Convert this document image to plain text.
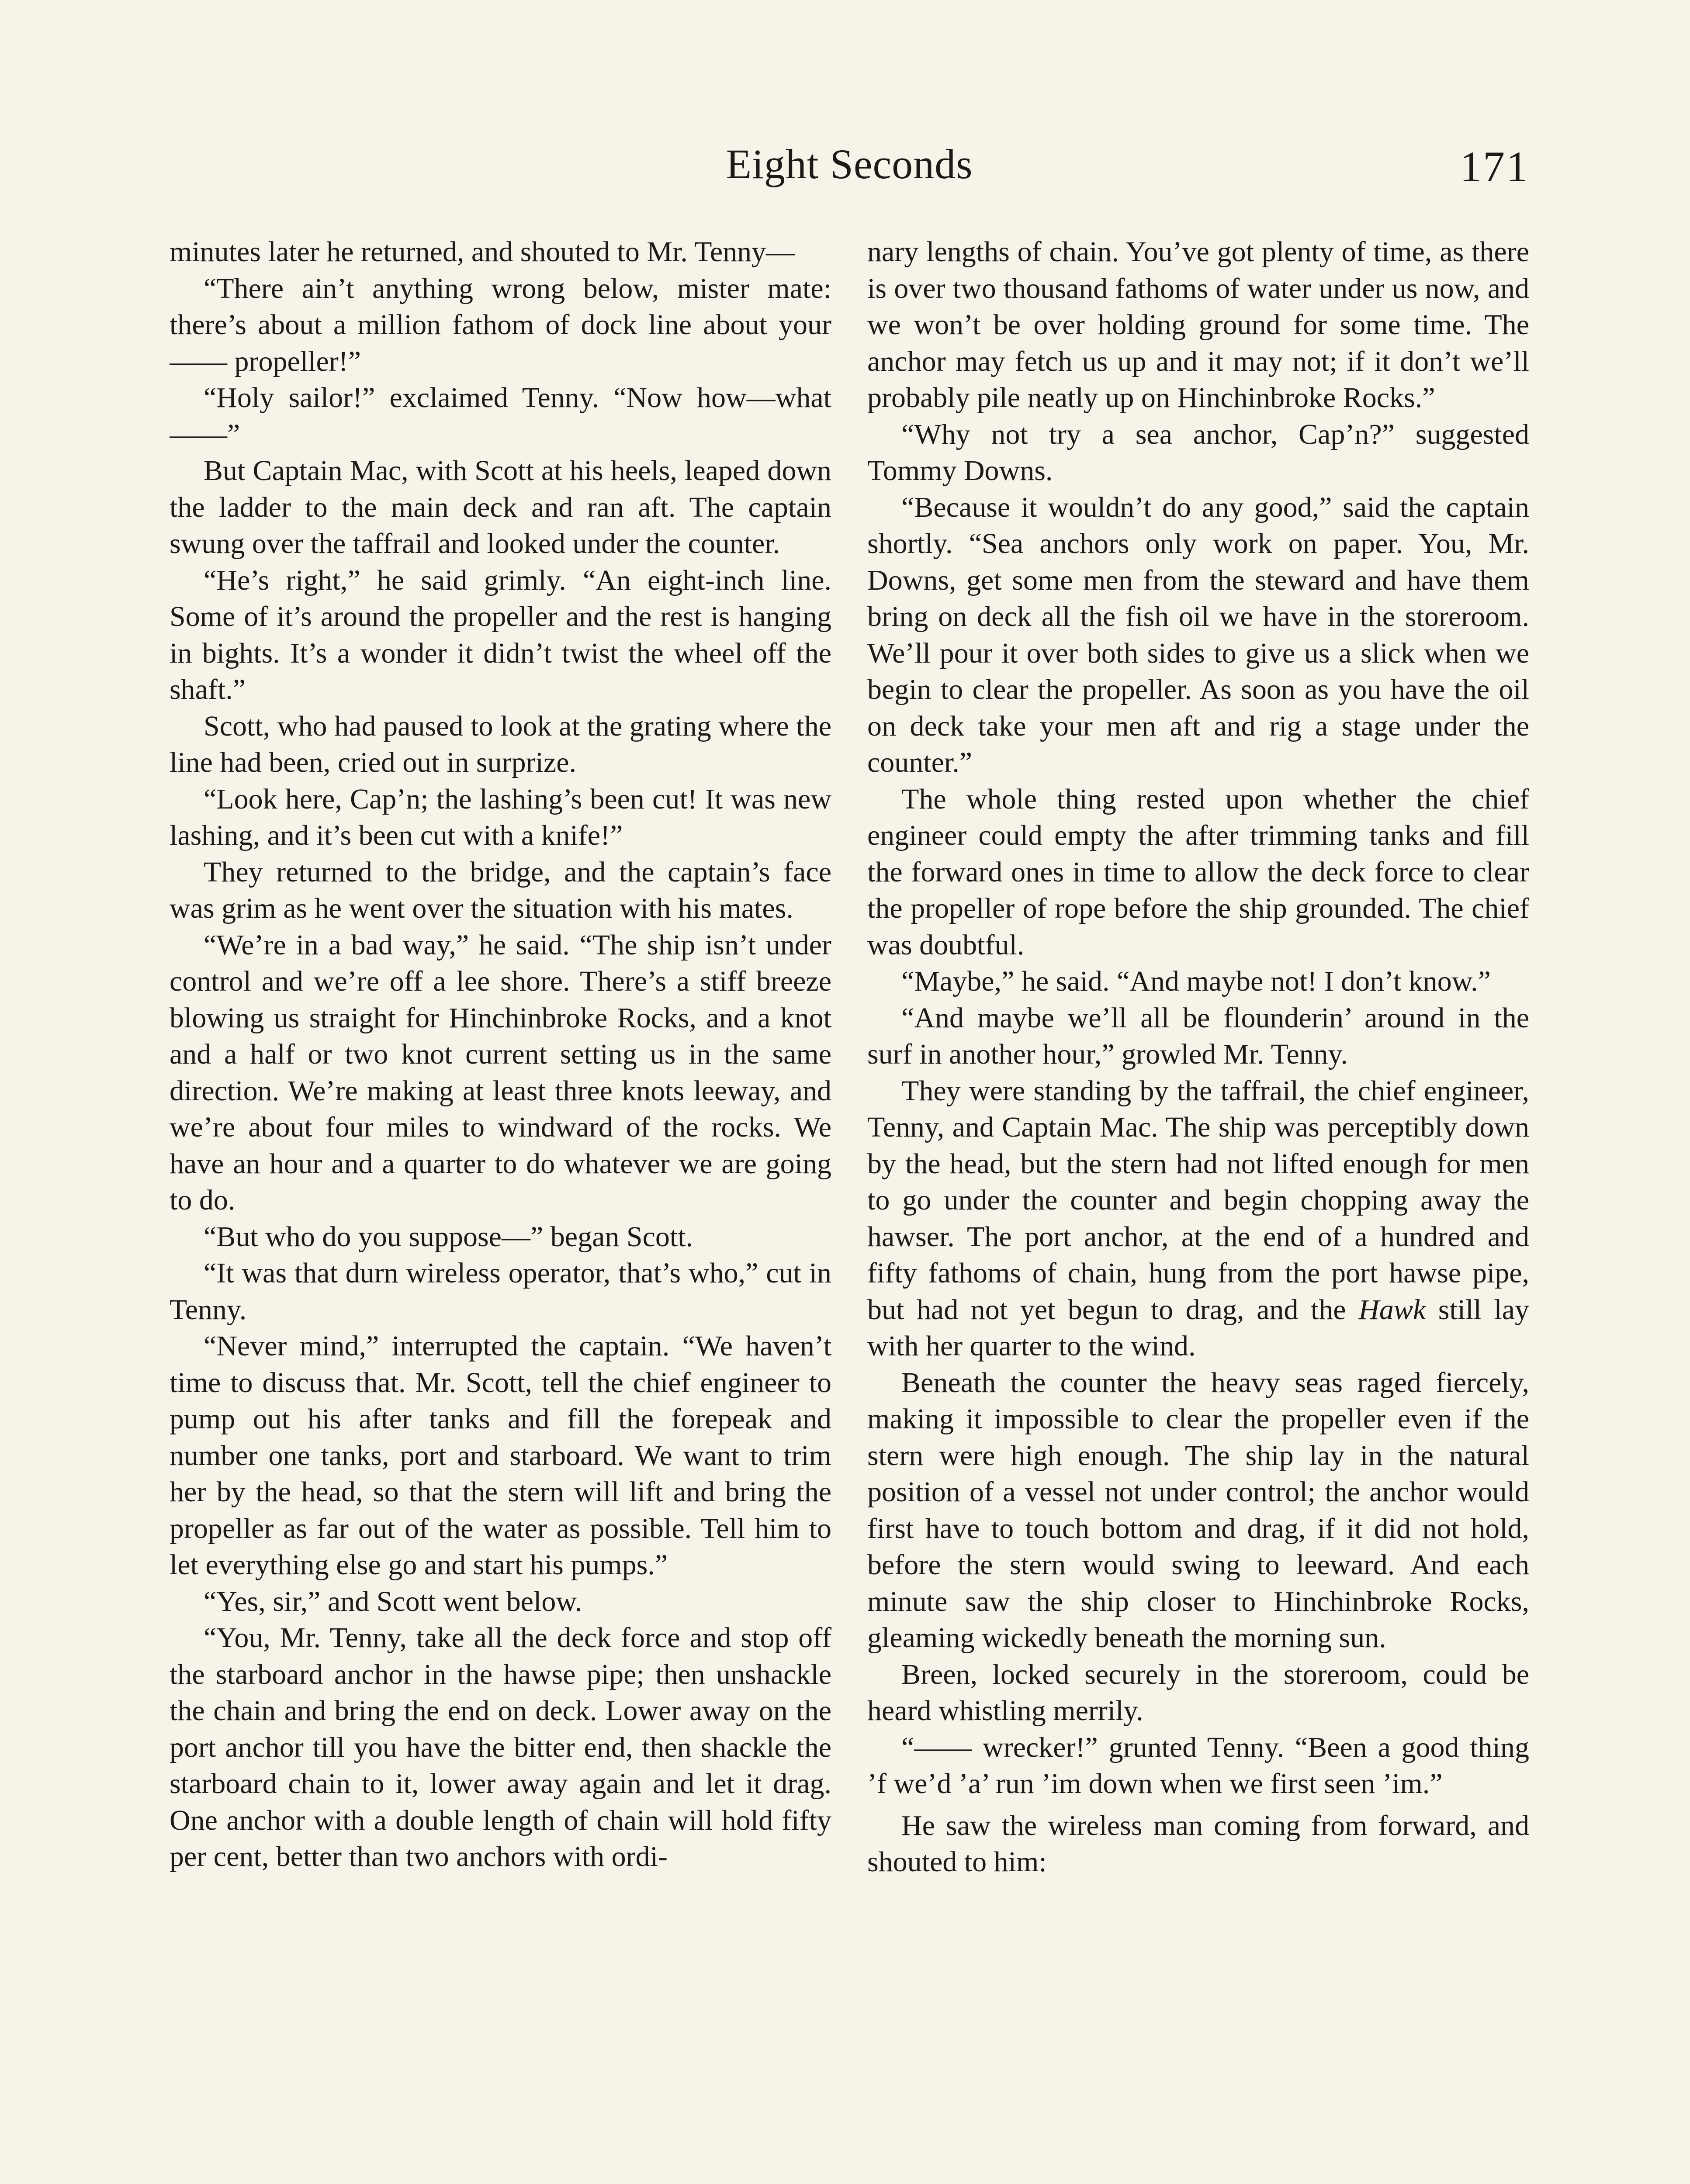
Eight Seconds	171

minutes later he returned, and shouted to Mr. Tenny—

“There ain’t anything wrong below, mister mate: there’s about a million fathom of dock line about your —— propeller!”

“Holy sailor!” exclaimed Tenny. “Now how—what——”

But Captain Mac, with Scott at his heels, leaped down the ladder to the main deck and ran aft. The captain swung over the taffrail and looked under the counter.

“He’s right,” he said grimly. “An eight-inch line. Some of it’s around the propeller and the rest is hanging in bights. It’s a wonder it didn’t twist the wheel off the shaft.”

Scott, who had paused to look at the grating where the line had been, cried out in surprize.

“Look here, Cap’n; the lashing’s been cut! It was new lashing, and it’s been cut with a knife!”

They returned to the bridge, and the captain’s face was grim as he went over the situation with his mates.

“We’re in a bad way,” he said. “The ship isn’t under control and we’re off a lee shore. There’s a stiff breeze blowing us straight for Hinchinbroke Rocks, and a knot and a half or two knot current setting us in the same direction. We’re making at least three knots leeway, and we’re about four miles to windward of the rocks. We have an hour and a quarter to do whatever we are going to do.

“But who do you suppose—” began Scott.

“It was that durn wireless operator, that’s who,” cut in Tenny.

“Never mind,” interrupted the captain. “We haven’t time to discuss that. Mr. Scott, tell the chief engineer to pump out his after tanks and fill the forepeak and number one tanks, port and starboard. We want to trim her by the head, so that the stern will lift and bring the propeller as far out of the water as possible. Tell him to let everything else go and start his pumps.”

“Yes, sir,” and Scott went below.

“You, Mr. Tenny, take all the deck force and stop off the starboard anchor in the hawse pipe; then unshackle the chain and bring the end on deck. Lower away on the port anchor till you have the bitter end, then shackle the starboard chain to it, lower away again and let it drag. One anchor with a double length of chain will hold fifty per cent, better than two anchors with ordi-

nary lengths of chain. You’ve got plenty of time, as there is over two thousand fathoms of water under us now, and we won’t be over holding ground for some time. The anchor may fetch us up and it may not; if it don’t we’ll probably pile neatly up on Hinchinbroke Rocks.”

“Why not try a sea anchor, Cap’n?” suggested Tommy Downs.

“Because it wouldn’t do any good,” said the captain shortly. “Sea anchors only work on paper. You, Mr. Downs, get some men from the steward and have them bring on deck all the fish oil we have in the storeroom. We’ll pour it over both sides to give us a slick when we begin to clear the propeller. As soon as you have the oil on deck take your men aft and rig a stage under the counter.”

The whole thing rested upon whether the chief engineer could empty the after trimming tanks and fill the forward ones in time to allow the deck force to clear the propeller of rope before the ship grounded. The chief was doubtful.

“Maybe,” he said. “And maybe not! I don’t know.”

“And maybe we’ll all be flounderin’ around in the surf in another hour,” growled Mr. Tenny.

They were standing by the taffrail, the chief engineer, Tenny, and Captain Mac. The ship was perceptibly down by the head, but the stern had not lifted enough for men to go under the counter and begin chopping away the hawser. The port anchor, at the end of a hundred and fifty fathoms of chain, hung from the port hawse pipe, but had not yet begun to drag, and the Hawk still lay with her quarter to the wind.

Beneath the counter the heavy seas raged fiercely, making it impossible to clear the propeller even if the stern were high enough. The ship lay in the natural position of a vessel not under control; the anchor would first have to touch bottom and drag, if it did not hold, before the stern would swing to leeward. And each minute saw the ship closer to Hinchinbroke Rocks, gleaming wickedly beneath the morning sun.

Breen, locked securely in the storeroom, could be heard whistling merrily.

“—— wrecker!” grunted Tenny. “Been a good thing ’f we’d ’a’ run ’im down when we first seen ’im.”

He saw the wireless man coming from forward, and shouted to him:
